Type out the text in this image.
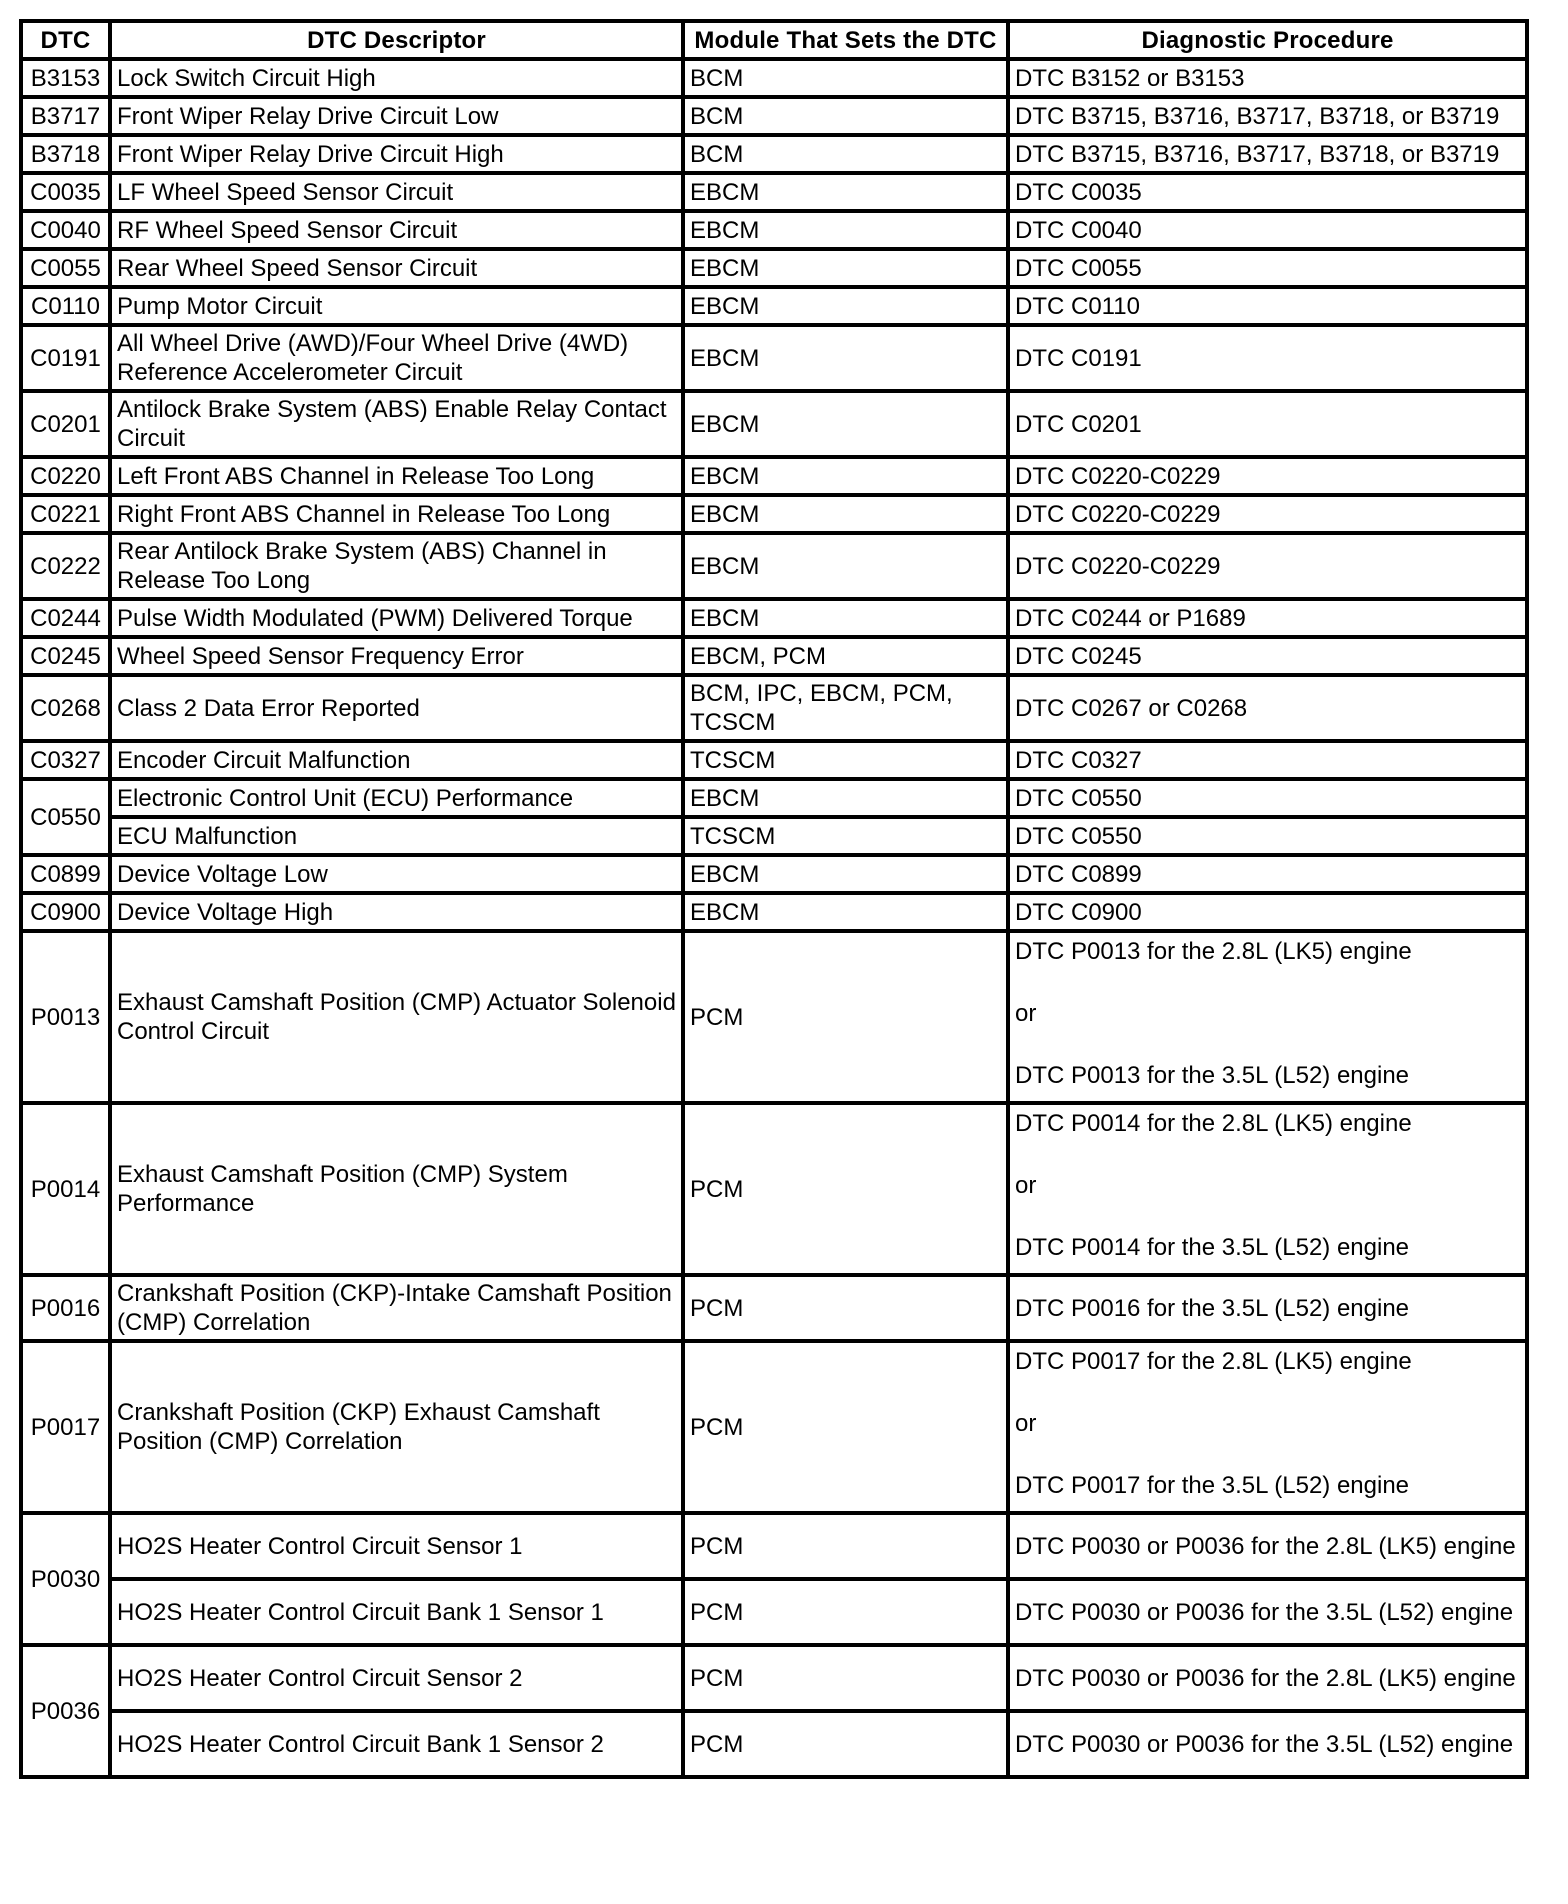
DTC	DTC Descriptor	Module That Sets the DTC	Diagnostic Procedure
B3153	Lock Switch Circuit High	BCM	DTC B3152 or B3153
B3717	Front Wiper Relay Drive Circuit Low	BCM	DTC B3715, B3716, B3717, B3718, or B3719
B3718	Front Wiper Relay Drive Circuit High	BCM	DTC B3715, B3716, B3717, B3718, or B3719
C0035	LF Wheel Speed Sensor Circuit	EBCM	DTC C0035
C0040	RF Wheel Speed Sensor Circuit	EBCM	DTC C0040
C0055	Rear Wheel Speed Sensor Circuit	EBCM	DTC C0055
C0110	Pump Motor Circuit	EBCM	DTC C0110
C0191	All Wheel Drive (AWD)/Four Wheel Drive (4WD) Reference Accelerometer Circuit	EBCM	DTC C0191
C0201	Antilock Brake System (ABS) Enable Relay Contact Circuit	EBCM	DTC C0201
C0220	Left Front ABS Channel in Release Too Long	EBCM	DTC C0220-C0229
C0221	Right Front ABS Channel in Release Too Long	EBCM	DTC C0220-C0229
C0222	Rear Antilock Brake System (ABS) Channel in Release Too Long	EBCM	DTC C0220-C0229
C0244	Pulse Width Modulated (PWM) Delivered Torque	EBCM	DTC C0244 or P1689
C0245	Wheel Speed Sensor Frequency Error	EBCM, PCM	DTC C0245
C0268	Class 2 Data Error Reported	BCM, IPC, EBCM, PCM, TCSCM	DTC C0267 or C0268
C0327	Encoder Circuit Malfunction	TCSCM	DTC C0327
C0550	Electronic Control Unit (ECU) Performance	EBCM	DTC C0550
	ECU Malfunction	TCSCM	DTC C0550
C0899	Device Voltage Low	EBCM	DTC C0899
C0900	Device Voltage High	EBCM	DTC C0900
P0013	Exhaust Camshaft Position (CMP) Actuator Solenoid Control Circuit	PCM	DTC P0013 for the 2.8L (LK5) engine
or
DTC P0013 for the 3.5L (L52) engine

P0014	Exhaust Camshaft Position (CMP) System Performance	PCM	DTC P0014 for the 2.8L (LK5) engine
or
DTC P0014 for the 3.5L (L52) engine

P0016	Crankshaft Position (CKP)-Intake Camshaft Position (CMP) Correlation	PCM	DTC P0016 for the 3.5L (L52) engine
P0017	Crankshaft Position (CKP) Exhaust Camshaft Position (CMP) Correlation	PCM	DTC P0017 for the 2.8L (LK5) engine
or
DTC P0017 for the 3.5L (L52) engine

P0030	HO2S Heater Control Circuit Sensor 1	PCM	DTC P0030 or P0036 for the 2.8L (LK5) engine
	HO2S Heater Control Circuit Bank 1 Sensor 1	PCM	DTC P0030 or P0036 for the 3.5L (L52) engine
P0036	HO2S Heater Control Circuit Sensor 2	PCM	DTC P0030 or P0036 for the 2.8L (LK5) engine
	HO2S Heater Control Circuit Bank 1 Sensor 2	PCM	DTC P0030 or P0036 for the 3.5L (L52) engine
